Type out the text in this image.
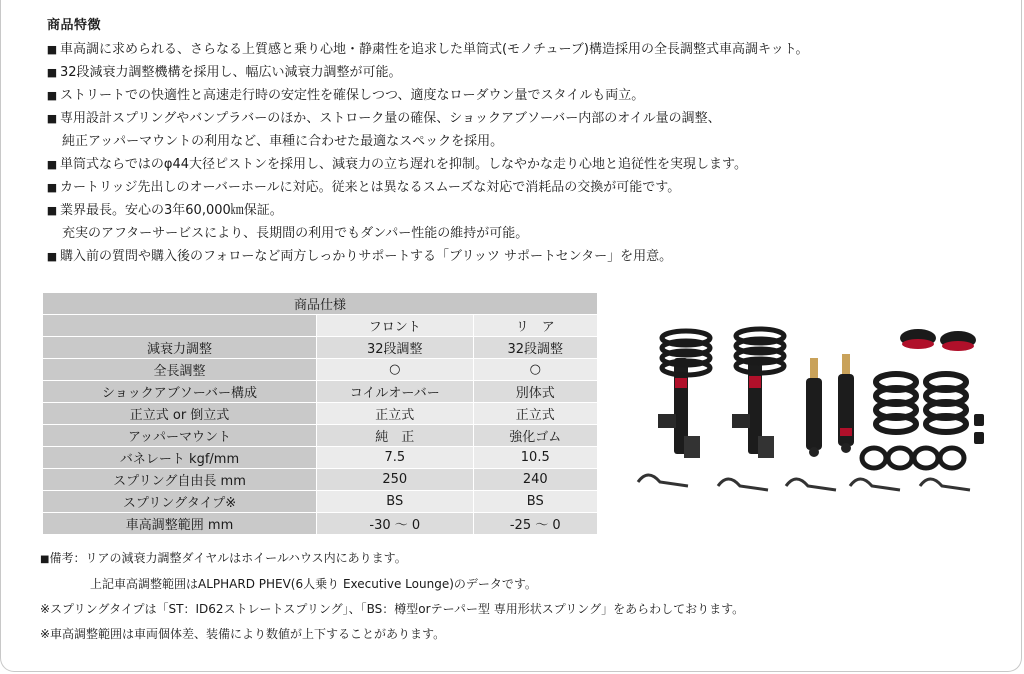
商品特徴
■ 車高調に求められる、さらなる上質感と乗り心地・静粛性を追求した単筒式(モノチューブ)構造採用の全長調整式車高調キット。
■ 32段減衰力調整機構を採用し、幅広い減衰力調整が可能。
■ ストリートでの快適性と高速走行時の安定性を確保しつつ、適度なローダウン量でスタイルも両立。
■ 専用設計スプリングやバンプラバーのほか、ストローク量の確保、ショックアブソーバー内部のオイル量の調整、
純正アッパーマウントの利用など、車種に合わせた最適なスペックを採用。
■ 単筒式ならではのφ44大径ピストンを採用し、減衰力の立ち遅れを抑制。しなやかな走り心地と追従性を実現します。
■ カートリッジ先出しのオーバーホールに対応。従来とは異なるスムーズな対応で消耗品の交換が可能です。
■ 業界最長。安心の3年60,000㎞保証。
充実のアフターサービスにより、長期間の利用でもダンパー性能の維持が可能。
■ 購入前の質問や購入後のフォローなど両方しっかりサポートする「ブリッツ サポートセンター」を用意。
商品仕様		
	フロント	リ　ア
減衰力調整	32段調整	32段調整
全長調整	○	○
ショックアブソーバー構成	コイルオーバー	別体式
正立式 or 倒立式	正立式	正立式
アッパーマウント	純　正	強化ゴム
バネレート kgf/mm	7.5	10.5
スプリング自由長 mm	250	240
スプリングタイプ※	BS	BS
車高調整範囲 mm	-30 ～ 0	-25 ～ 0
■備考：リアの減衰力調整ダイヤルはホイールハウス内にあります。
上記車高調整範囲はALPHARD PHEV(6人乗り Executive Lounge)のデータです。
※スプリングタイプは「ST：ID62ストレートスプリング」、「BS：樽型orテーパー型 専用形状スプリング」をあらわしております。
※車高調整範囲は車両個体差、装備により数値が上下することがあります。
